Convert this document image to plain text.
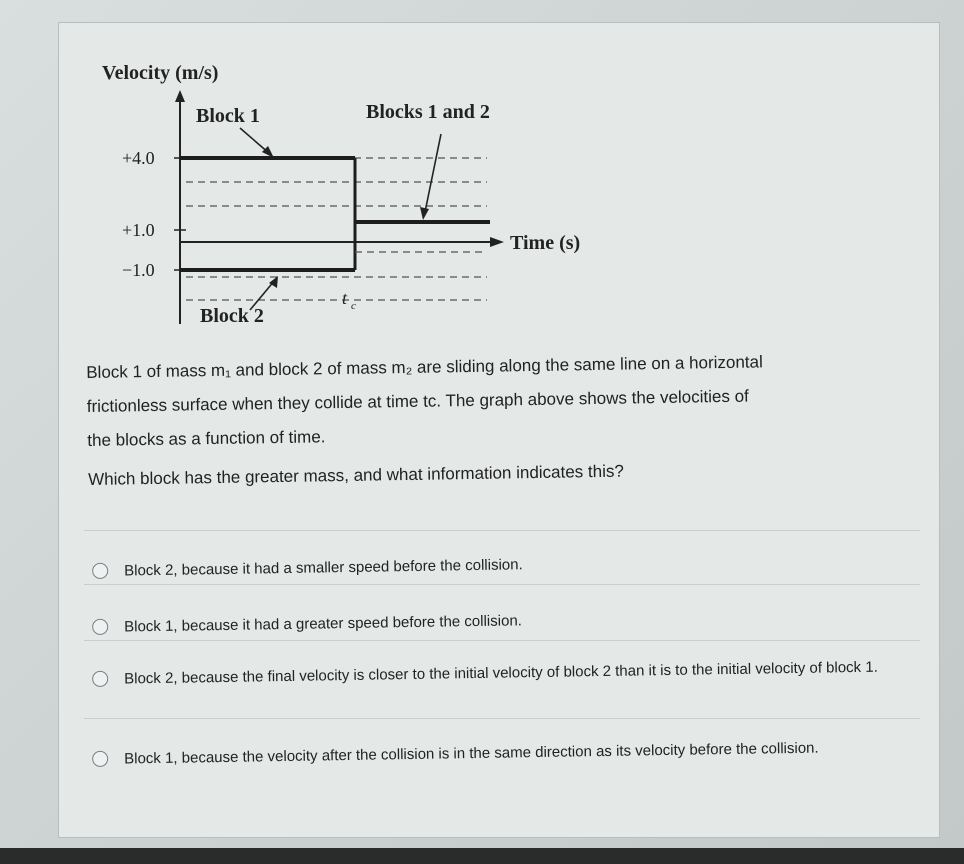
Velocity (m/s)
Block 1	Blocks 1 and 2
Block 2
Time (s)
+4.0
+1.0
−1.0
t c

Block 1 of mass m₁ and block 2 of mass m₂ are sliding along the same line on a horizontal

frictionless surface when they collide at time tᴄ. The graph above shows the velocities of

the blocks as a function of time.

Which block has the greater mass, and what information indicates this?
Block 2, because it had a smaller speed before the collision.
Block 1, because it had a greater speed before the collision.
Block 2, because the final velocity is closer to the initial velocity of block 2 than it is to the initial velocity of block 1.
Block 1, because the velocity after the collision is in the same direction as its velocity before the collision.
